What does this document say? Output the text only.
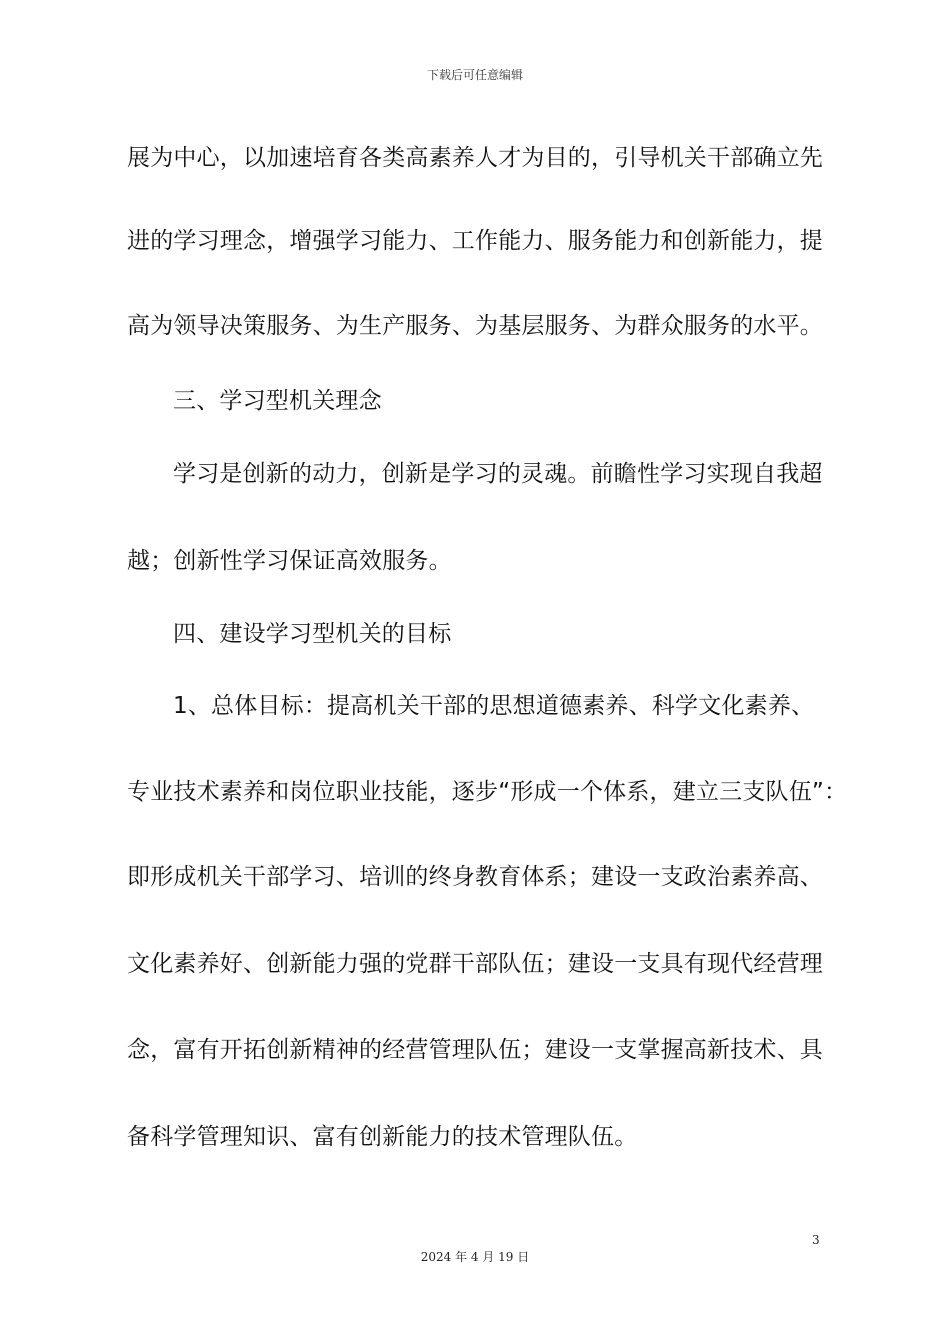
下载后可任意编辑
展为中心，以加速培育各类高素养人才为目的，引导机关干部确立先
进的学习理念，增强学习能力、工作能力、服务能力和创新能力，提
高为领导决策服务、为生产服务、为基层服务、为群众服务的水平。
三、学习型机关理念
学习是创新的动力，创新是学习的灵魂。前瞻性学习实现自我超
越；创新性学习保证高效服务。
四、建设学习型机关的目标
1、总体目标：提高机关干部的思想道德素养、科学文化素养、
专业技术素养和岗位职业技能，逐步“形成一个体系，建立三支队伍”：
即形成机关干部学习、培训的终身教育体系；建设一支政治素养高、
文化素养好、创新能力强的党群干部队伍；建设一支具有现代经营理
念，富有开拓创新精神的经营管理队伍；建设一支掌握高新技术、具
备科学管理知识、富有创新能力的技术管理队伍。
3
2024 年 4 月 19 日
